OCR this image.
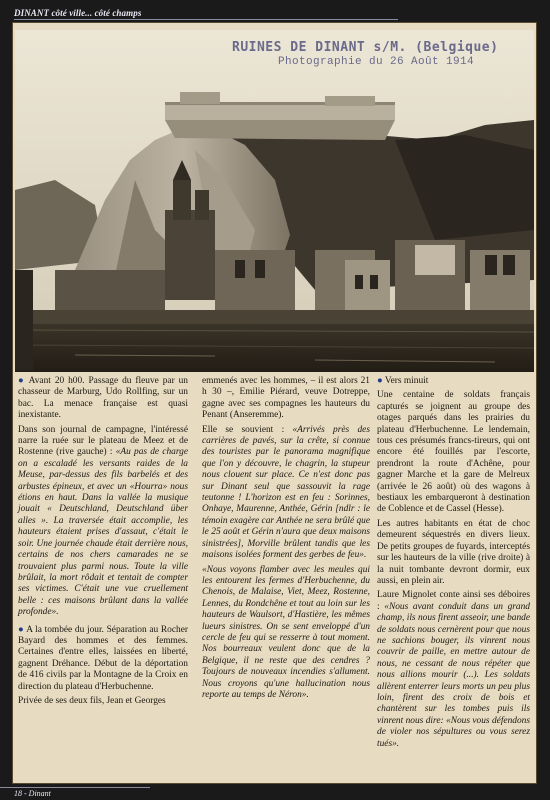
DINANT côté ville... côté champs
RUINES DE DINANT s/M. (Belgique)
Photographie du 26 Août 1914

● Avant 20 h00. Passage du fleuve par un chasseur de Marburg, Udo Rollfing, sur un bac. La menace française est quasi inexistante.

Dans son journal de campagne, l'intéressé narre la ruée sur le plateau de Meez et de Rostenne (rive gauche) : «Au pas de charge on a escaladé les versants raides de la Meuse, par-dessus des fils barbelés et des arbustes épineux, et avec un «Hourra» nous étions en haut. Dans la vallée la musique jouait « Deutschland, Deutschland über alles ». La traversée était accomplie, les hauteurs étaient prises d'assaut, c'était le soir. Une journée chaude était derrière nous, certains de nos chers camarades ne se trouvaient plus parmi nous. Toute la ville brûlait, la mort rôdait et tentait de compter ses victimes. C'était une vue cruellement belle : ces maisons brûlant dans la vallée profonde».

● A la tombée du jour. Séparation au Rocher Bayard des hommes et des femmes. Certaines d'entre elles, laissées en liberté, gagnent Dréhance. Début de la déportation de 416 civils par la Montagne de la Croix en direction du plateau d'Herbuchenne.

Privée de ses deux fils, Jean et Georges

emmenés avec les hommes, – il est alors 21 h 30 –, Emilie Piérard, veuve Dotreppe, gagne avec ses compagnes les hauteurs du Penant (Anseremme).

Elle se souvient : «Arrivés près des carrières de pavés, sur la crête, si connue des touristes par le panorama magnifique que l'on y découvre, le chagrin, la stupeur nous clouent sur place. Ce n'est donc pas sur Dinant seul que sassouvit la rage teutonne ! L'horizon est en feu : Sorinnes, Onhaye, Maurenne, Anthée, Gérin [ndlr : le témoin exagère car Anthée ne sera brûlé que le 25 août et Gérin n'aura que deux maisons sinistrées], Morville brûlent tandis que les maisons isolées forment des gerbes de feu».

«Nous voyons flamber avec les meules qui les entourent les fermes d'Herbuchenne, du Chenois, de Malaise, Viet, Meez, Rostenne, Lennes, du Rondchêne et tout au loin sur les hauteurs de Waulsort, d'Hastière, les mêmes lueurs sinistres. On se sent enveloppé d'un cercle de feu qui se resserre à tout moment. Nos bourreaux veulent donc que de la Belgique, il ne reste que des cendres ? Toujours de nouveaux incendies s'allument. Nous croyons qu'une hallucination nous reporte au temps de Néron».

● Vers minuit

Une centaine de soldats français capturés se joignent au groupe des otages parqués dans les prairies du plateau d'Herbuchenne. Le lendemain, tous ces présumés francs-tireurs, qui ont encore été fouillés par l'escorte, prendront la route d'Achêne, pour gagner Marche et la gare de Melreux (arrivée le 26 août) où des wagons à bestiaux les embarqueront à destination de Coblence et de Cassel (Hesse).

Les autres habitants en état de choc demeurent séquestrés en divers lieux. De petits groupes de fuyards, interceptés sur les hauteurs de la ville (rive droite) à la nuit tombante devront dormir, eux aussi, en plein air.

Laure Mignolet conte ainsi ses déboires : «Nous avant conduit dans un grand champ, ils nous firent asseoir, une bande de soldats nous cernèrent pour que nous ne sachions bouger, ils vinrent nous couvrir de paille, en mettre autour de nous, ne cessant de nous répéter que nous allions mourir (...). Les soldats allèrent enterrer leurs morts un peu plus loin, firent des croix de bois et chantèrent sur les tombes puis ils vinrent nous dire: «Nous vous défendons de violer nos sépultures ou vous serez tués».

18 - Dinant
